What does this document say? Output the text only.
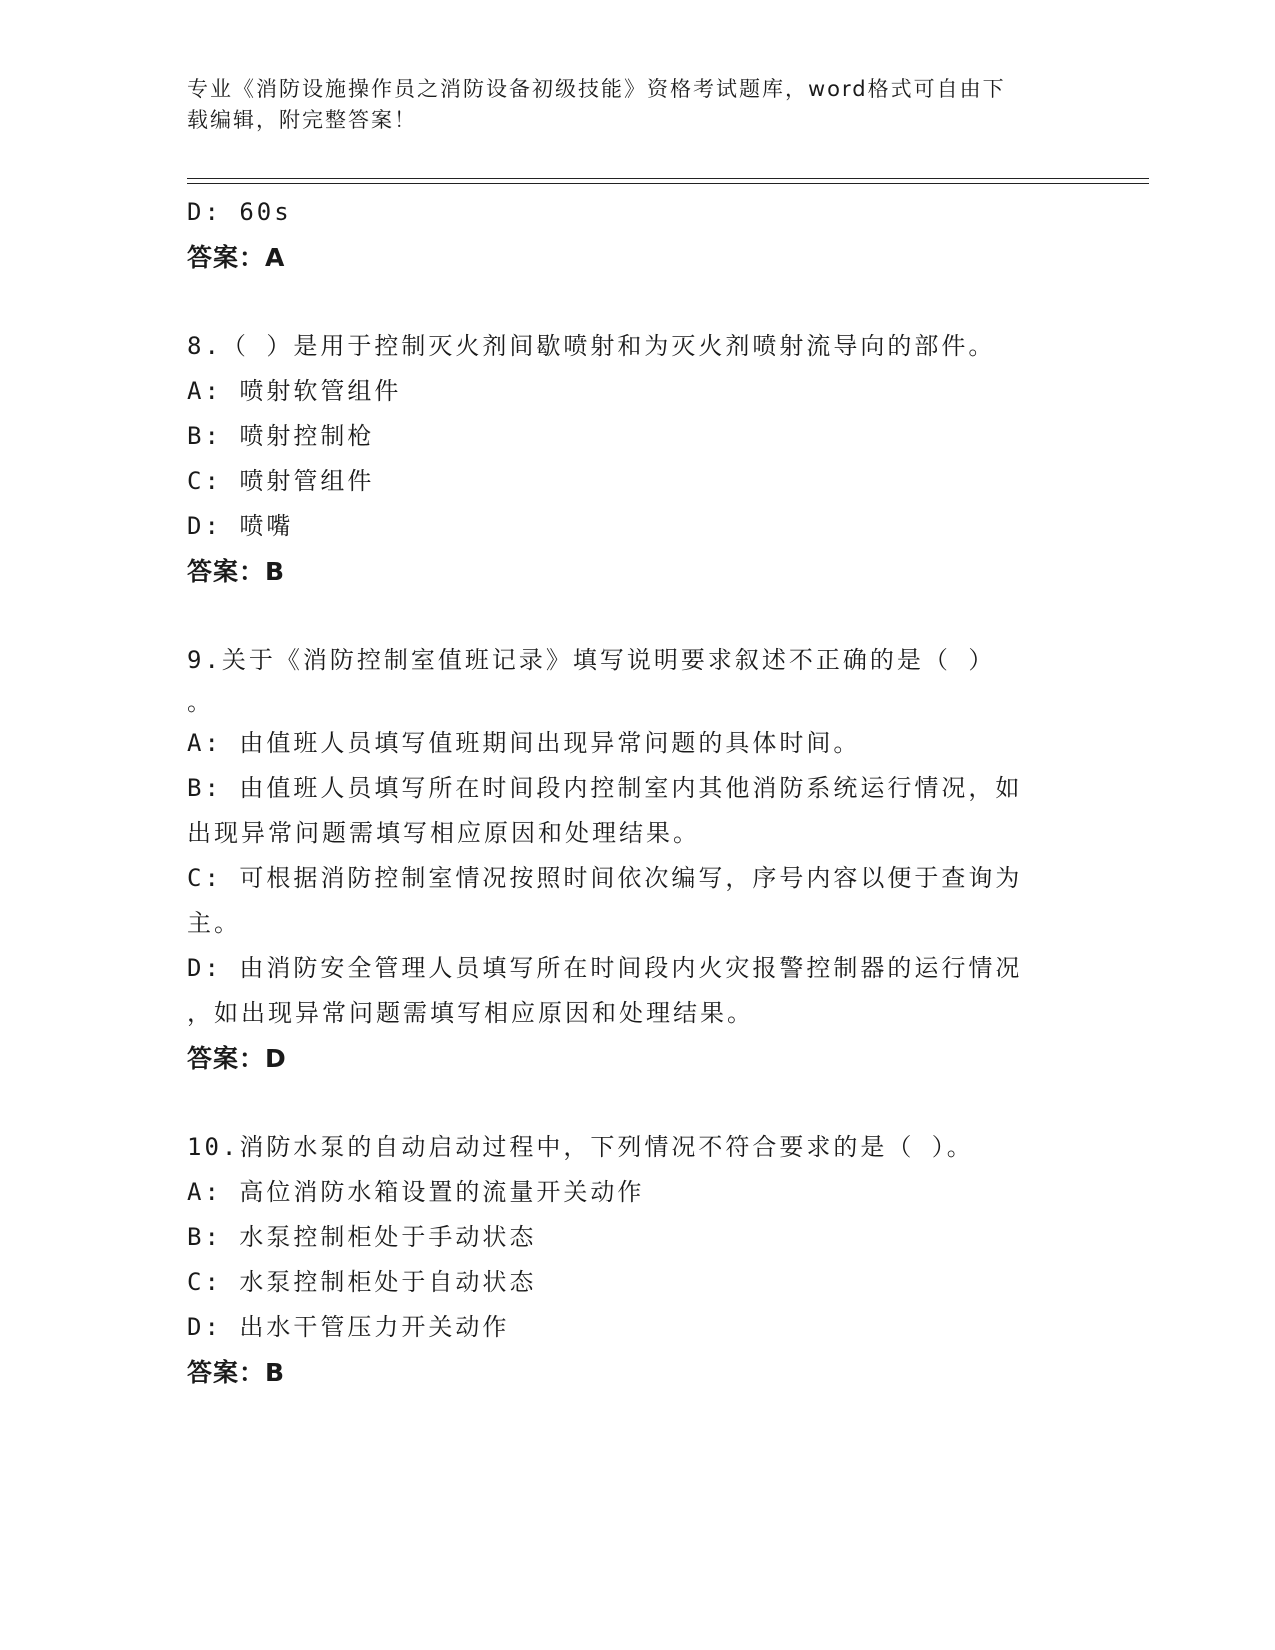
专业《消防设施操作员之消防设备初级技能》资格考试题库，word格式可自由下
载编辑，附完整答案！
D: 60s
答案：A
8.（ ）是用于控制灭火剂间歇喷射和为灭火剂喷射流导向的部件。
A: 喷射软管组件
B: 喷射控制枪
C: 喷射管组件
D: 喷嘴
答案：B
9.关于《消防控制室值班记录》填写说明要求叙述不正确的是（ ）
。
A: 由值班人员填写值班期间出现异常问题的具体时间。
B: 由值班人员填写所在时间段内控制室内其他消防系统运行情况，如
出现异常问题需填写相应原因和处理结果。
C: 可根据消防控制室情况按照时间依次编写，序号内容以便于查询为
主。
D: 由消防安全管理人员填写所在时间段内火灾报警控制器的运行情况
，如出现异常问题需填写相应原因和处理结果。
答案：D
10.消防水泵的自动启动过程中，下列情况不符合要求的是（ ）。
A: 高位消防水箱设置的流量开关动作
B: 水泵控制柜处于手动状态
C: 水泵控制柜处于自动状态
D: 出水干管压力开关动作
答案：B
